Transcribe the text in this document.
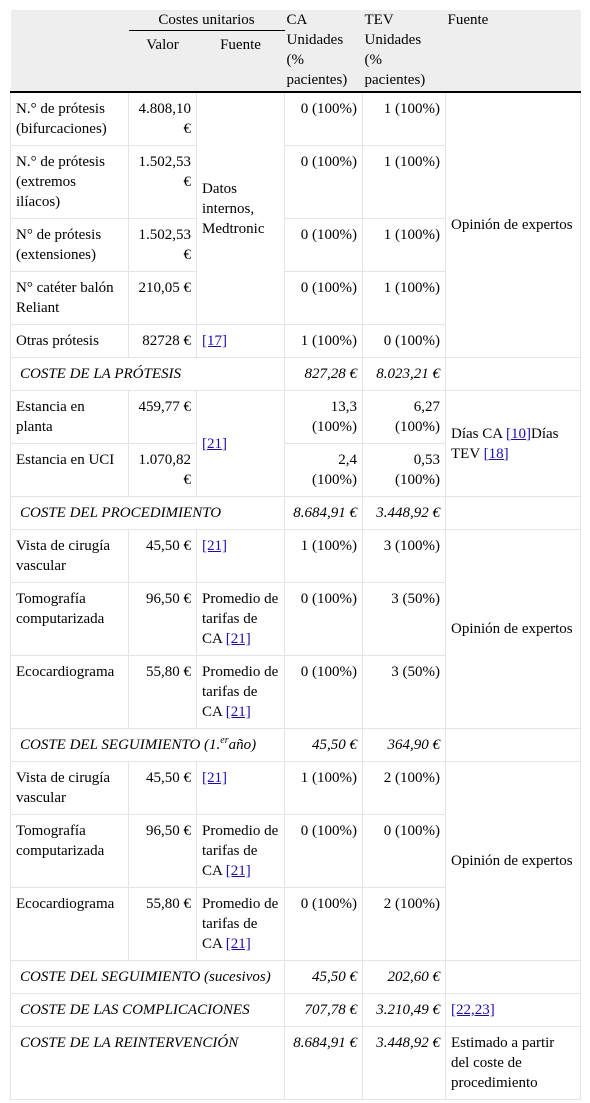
	Costes unitarios		CA Unidades (% pacientes)	TEV Unidades (% pacientes)	Fuente
	Valor	Fuente			
N.° de prótesis (bifurcaciones)	4.808,10 €	Datos internos, Medtronic	0 (100%)	1 (100%)	Opinión de expertos
N.° de prótesis (extremos ilíacos)	1.502,53 €		0 (100%)	1 (100%)	
N° de prótesis (extensiones)	1.502,53 €		0 (100%)	1 (100%)	
N° catéter balón Reliant	210,05 €		0 (100%)	1 (100%)	
Otras prótesis	82728 €	[17]	1 (100%)	0 (100%)	
COSTE DE LA PRÓTESIS			827,28 €	8.023,21 €	
Estancia en planta	459,77 €	[21]	13,3 (100%)	6,27 (100%)	Días CA [10]Días TEV [18]
Estancia en UCI	1.070,82 €		2,4 (100%)	0,53 (100%)	
COSTE DEL PROCEDIMIENTO			8.684,91 €	3.448,92 €	
Vista de cirugía vascular	45,50 €	[21]	1 (100%)	3 (100%)	Opinión de expertos
Tomografía computarizada	96,50 €	Promedio de tarifas de CA [21]	0 (100%)	3 (50%)	
Ecocardiograma	55,80 €	Promedio de tarifas de CA [21]	0 (100%)	3 (50%)	
COSTE DEL SEGUIMIENTO (1.$^{er}$año)			45,50 €	364,90 €	
Vista de cirugía vascular	45,50 €	[21]	1 (100%)	2 (100%)	Opinión de expertos
Tomografía computarizada	96,50 €	Promedio de tarifas de CA [21]	0 (100%)	0 (100%)	
Ecocardiograma	55,80 €	Promedio de tarifas de CA [21]	0 (100%)	2 (100%)	
COSTE DEL SEGUIMIENTO (sucesivos)			45,50 €	202,60 €	
COSTE DE LAS COMPLICACIONES			707,78 €	3.210,49 €	[22,23]
COSTE DE LA REINTERVENCIÓN			8.684,91 €	3.448,92 €	Estimado a partir del coste de procedimiento
